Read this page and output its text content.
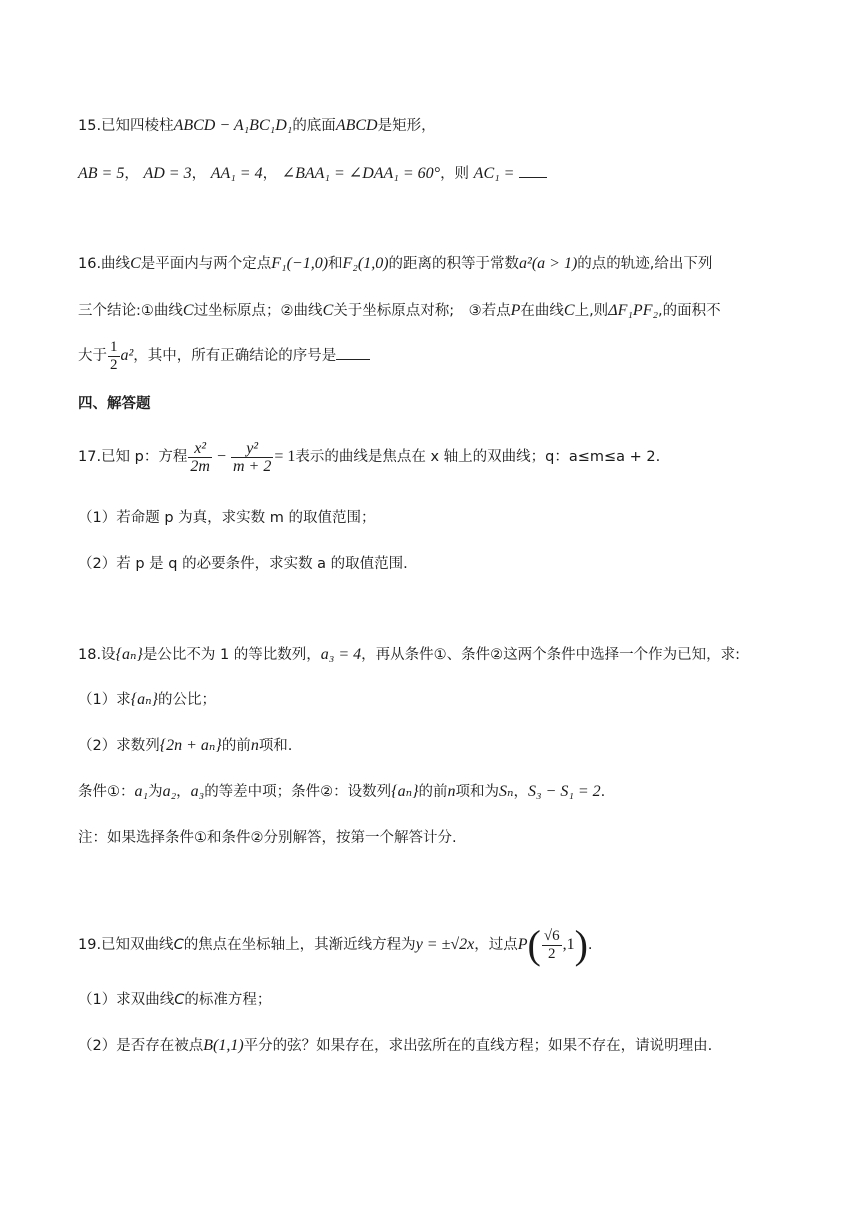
15.已知四棱柱ABCD − A₁BC₁D₁的底面ABCD是矩形，
AB = 5， AD = 3， AA₁ = 4， ∠BAA₁ = ∠DAA₁ = 60°，则 AC₁ =
16.曲线C是平面内与两个定点F₁(−1,0)和F₂(1,0)的距离的积等于常数a²(a > 1)的点的轨迹,给出下列
三个结论:①曲线C过坐标原点；②曲线C关于坐标原点对称;　③若点P在曲线C上,则ΔF₁PF₂,的面积不
大于 $\frac{1}{2} a^2$，其中，所有正确结论的序号是
四、解答题
17.已知 p：方程 $\frac{\text{x²}}{2m} - \frac{\text{y²}}{m + 2} = 1$表示的曲线是焦点在 x 轴上的双曲线；q：a≤m≤a + 2.
（1）若命题 p 为真，求实数 m 的取值范围；
（2）若 p 是 q 的必要条件，求实数 a 的取值范围.
18.设{aₙ}是公比不为 1 的等比数列，a₃ = 4，再从条件①、条件②这两个条件中选择一个作为已知，求:
（1）求{aₙ}的公比；
（2）求数列{2n + aₙ}的前n项和.
条件①：a₁为a₂，a₃的等差中项；条件②：设数列{aₙ}的前n项和为Sₙ，S₃ − S₁ = 2.
注：如果选择条件①和条件②分别解答，按第一个解答计分.
19.已知双曲线C的焦点在坐标轴上，其渐近线方程为y = ±√2x，过点$P( \frac{√6}{2} ,1)$.
（1）求双曲线C的标准方程；
（2）是否存在被点B(1,1)平分的弦？如果存在，求出弦所在的直线方程；如果不存在，请说明理由.
